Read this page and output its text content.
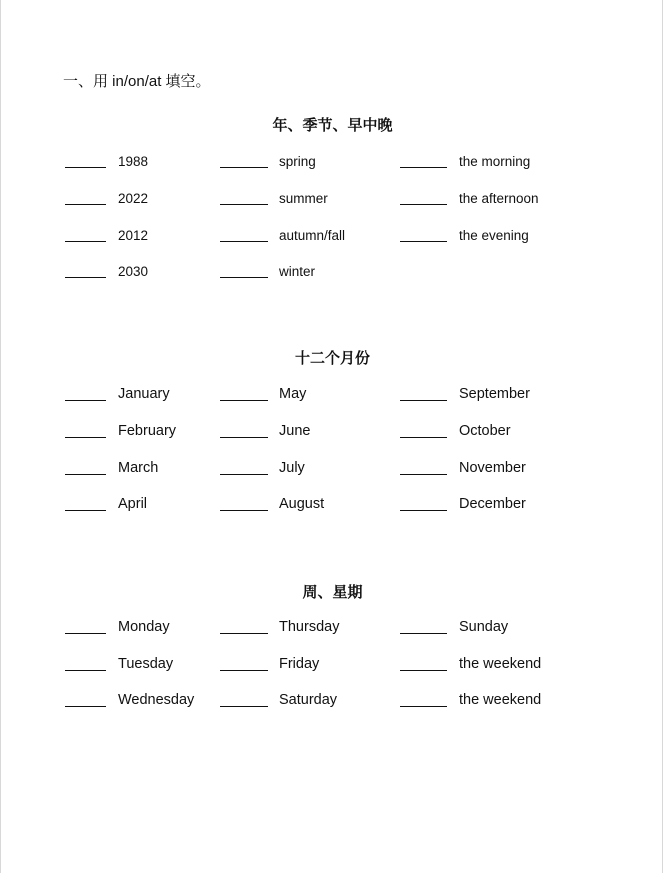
一、用 in/on/at 填空。
年、季节、早中晚
1988	spring	the morning
2022	summer	the afternoon
2012	autumn/fall	the evening
2030	winter
十二个月份
January	May	September
February	June	October
March	July	November
April	August	December
周、星期
Monday	Thursday	Sunday
Tuesday	Friday	the weekend
Wednesday	Saturday	the weekend
